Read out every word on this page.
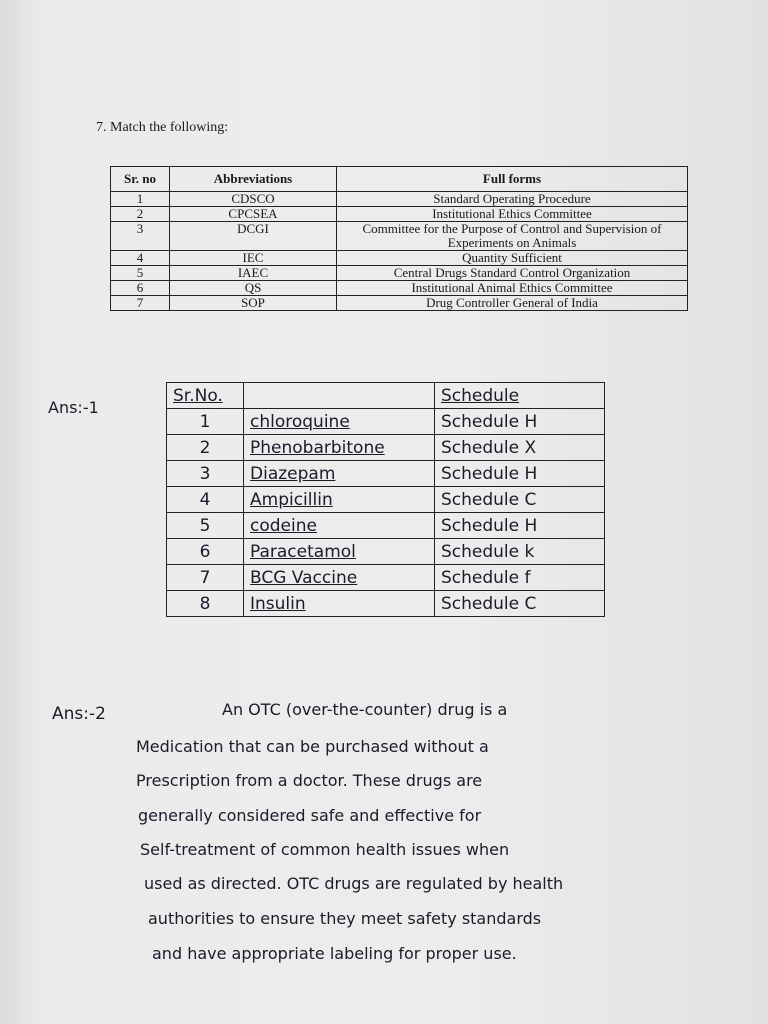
7. Match the following:
Sr. no	Abbreviations	Full forms
1	CDSCO	Standard Operating Procedure
2	CPCSEA	Institutional Ethics Committee
3	DCGI	Committee for the Purpose of Control and Supervision of Experiments on Animals
4	IEC	Quantity Sufficient
5	IAEC	Central Drugs Standard Control Organization
6	QS	Institutional Animal Ethics Committee
7	SOP	Drug Controller General of India
Ans:-1
Sr.No.		Schedule
1	chloroquine	Schedule H
2	Phenobarbitone	Schedule X
3	Diazepam	Schedule H
4	Ampicillin	Schedule C
5	codeine	Schedule H
6	Paracetamol	Schedule k
7	BCG Vaccine	Schedule f
8	Insulin	Schedule C
Ans:-2	An OTC (over-the-counter) drug is a
Medication that can be purchased without a
Prescription from a doctor. These drugs are
generally considered safe and effective for
Self-treatment of common health issues when
used as directed. OTC drugs are regulated by health
authorities to ensure they meet safety standards
and have appropriate labeling for proper use.
